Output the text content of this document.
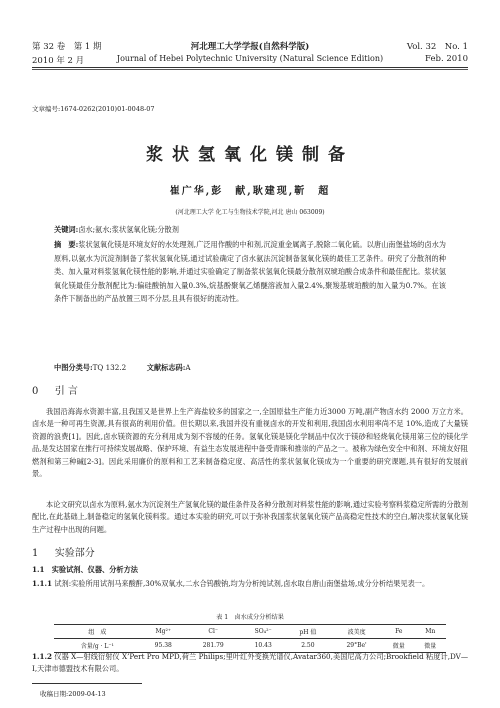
第 32 卷　第 1 期
2010 年 2 月
河北理工大学学报(自然科学版)
Journal of Hebei Polytechnic University (Natural Science Edition)
Vol. 32　No. 1
Feb. 2010
文章编号:1674-0262(2010)01-0048-07
浆状氢氧化镁制备
崔广华,彭　献,耿建现,靳　超
(河北理工大学 化工与生物技术学院,河北 唐山 063009)
关键词:卤水;氨水;浆状氢氧化镁;分散剂
摘　要:浆状氢氧化镁是环境友好的水处理剂,广泛用作酸的中和剂,沉淀重金属离子,脱除二氧化硫。以唐山南堡盐场的卤水为原料,以氨水为沉淀剂制备了浆状氢氧化镁,通过试验确定了卤水氨法沉淀制备氢氧化镁的最佳工艺条件。研究了分散剂的种类、加入量对料浆氢氧化镁性能的影响,并通过实验确定了制备浆状氢氧化镁最分散剂双琥珀酸合成条件和最佳配比。浆状氢氧化镁最佳分散剂配比为:偏硅酸钠加入量0.3%,烷基酚聚氧乙烯醚溶液加入量2.4%,聚羧基琥珀酸的加入量为0.7%。在该条件下制备出的产品放置三周不分层,且具有很好的流动性。
中图分类号:TQ 132.2	文献标志码:A
0 引 言
我国沿海海水资源丰富,且我国又是世界上生产海盐较多的国家之一,全国原盐生产能力近3000 万吨,副产物卤水约 2000 万立方米。卤水是一种可再生资源,具有很高的利用价值。但长期以来,我国并没有重视卤水的开发和利用,我国卤水利用率尚不足 10%,造成了大量镁资源的浪费[1]。因此,卤水镁资源的充分利用成为刻不容缓的任务。氢氧化镁是镁化学制品中仅次于镁砂和轻烧氧化镁用第三位的镁化学品,是发达国家在推行可持续发展战略、保护环境、有益生态发展进程中备受青睐和推崇的产品之一。被称为绿色安全中和剂、环境友好阻燃剂和第三种碱[2-3]。因此采用廉价的原料和工艺来制备稳定度、高活性的浆状氢氧化镁成为一个重要的研究课题,具有很好的发展前景。
本论文研究以卤水为原料,氨水为沉淀剂生产氢氧化镁的最佳条件及各种分散剂对料浆性能的影响,通过实验考察料浆稳定所需的分散剂配比,在此基础上,制备稳定的氢氧化镁料浆。通过本实验的研究,可以于弥补我国浆状氢氧化镁产品高稳定性技术的空白,解决浆状氢氧化镁生产过程中出现的问题。
1 实验部分
1.1　实验试剂、仪器、分析方法
1.1.1 试剂:实验所用试剂马来酸酐,30%双氧水,二水合钨酸钠,均为分析纯试剂,卤水取自唐山南堡盐场,成分分析结果见表一。
表 1　卤水成分分析结果
组　成	Mg²⁺	Cl⁻	SO₄²⁻	pH 值	波美度	Fe	Mn
含量/g · L⁻¹	95.38	281.79	10.43	2.50	29°Be'	微量	微量
1.1.2 仪器 X—射线衍射仪 X’Pert Pro MPD,荷兰 Philips;里叶红外变换光谱仪,Avatar360,美国尼高力公司;Brookfield 粘度计,DV—I,天津市德盟技术有限公司。
收稿日期:2009-04-13
